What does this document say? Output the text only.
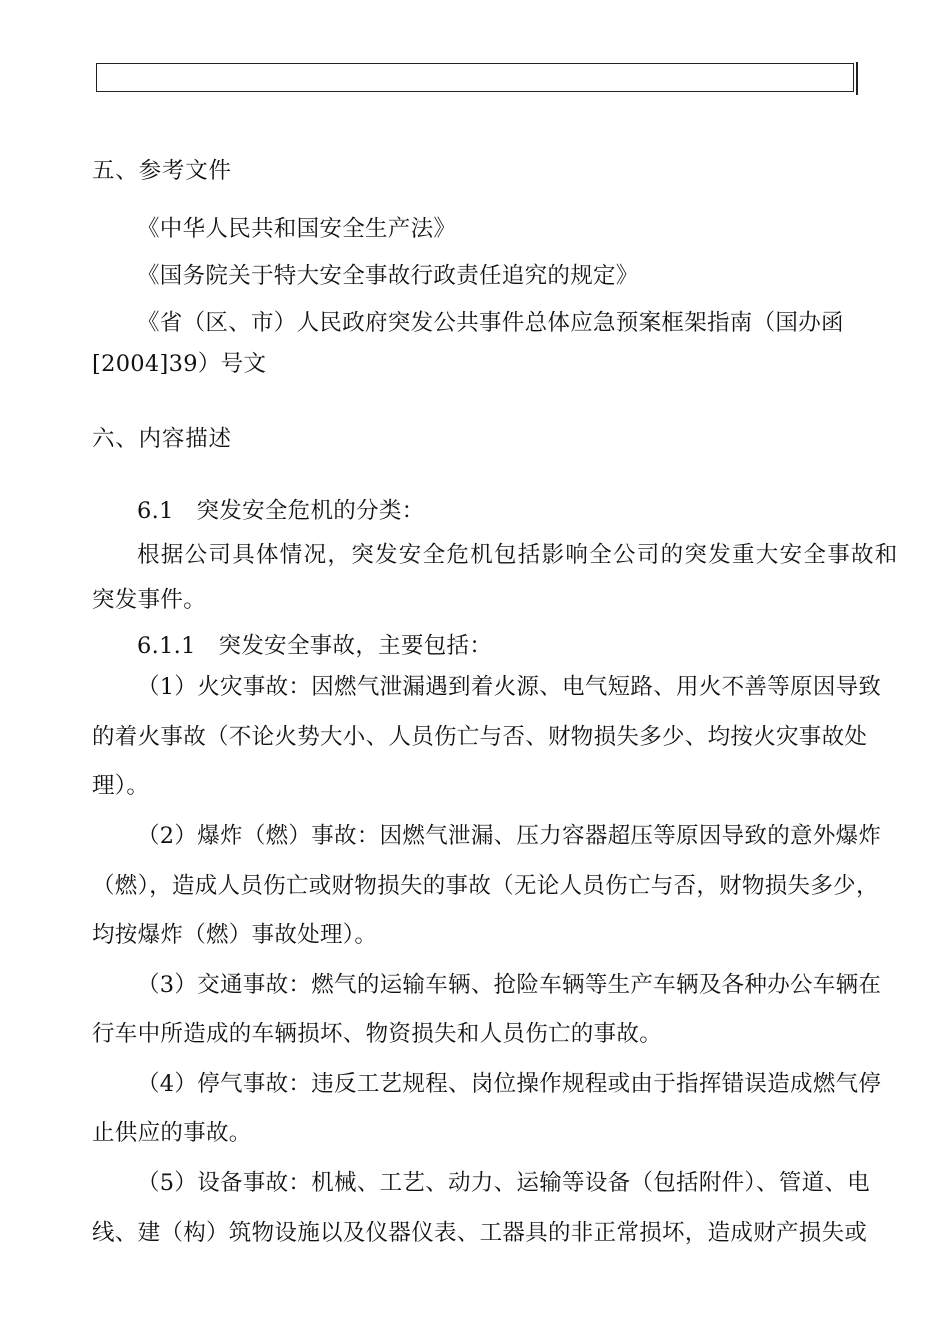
五、参考文件
《中华人民共和国安全生产法》
《国务院关于特大安全事故行政责任追究的规定》
《省（区、市）人民政府突发公共事件总体应急预案框架指南（国办函
[2004]39）号文
六、内容描述
6.1　突发安全危机的分类：
根据公司具体情况，突发安全危机包括影响全公司的突发重大安全事故和
突发事件。
6.1.1　突发安全事故，主要包括：
（1）火灾事故：因燃气泄漏遇到着火源、电气短路、用火不善等原因导致
的着火事故（不论火势大小、人员伤亡与否、财物损失多少、均按火灾事故处
理）。
（2）爆炸（燃）事故：因燃气泄漏、压力容器超压等原因导致的意外爆炸
（燃），造成人员伤亡或财物损失的事故（无论人员伤亡与否，财物损失多少，
均按爆炸（燃）事故处理）。
（3）交通事故：燃气的运输车辆、抢险车辆等生产车辆及各种办公车辆在
行车中所造成的车辆损坏、物资损失和人员伤亡的事故。
（4）停气事故：违反工艺规程、岗位操作规程或由于指挥错误造成燃气停
止供应的事故。
（5）设备事故：机械、工艺、动力、运输等设备（包括附件）、管道、电
线、建（构）筑物设施以及仪器仪表、工器具的非正常损坏，造成财产损失或
